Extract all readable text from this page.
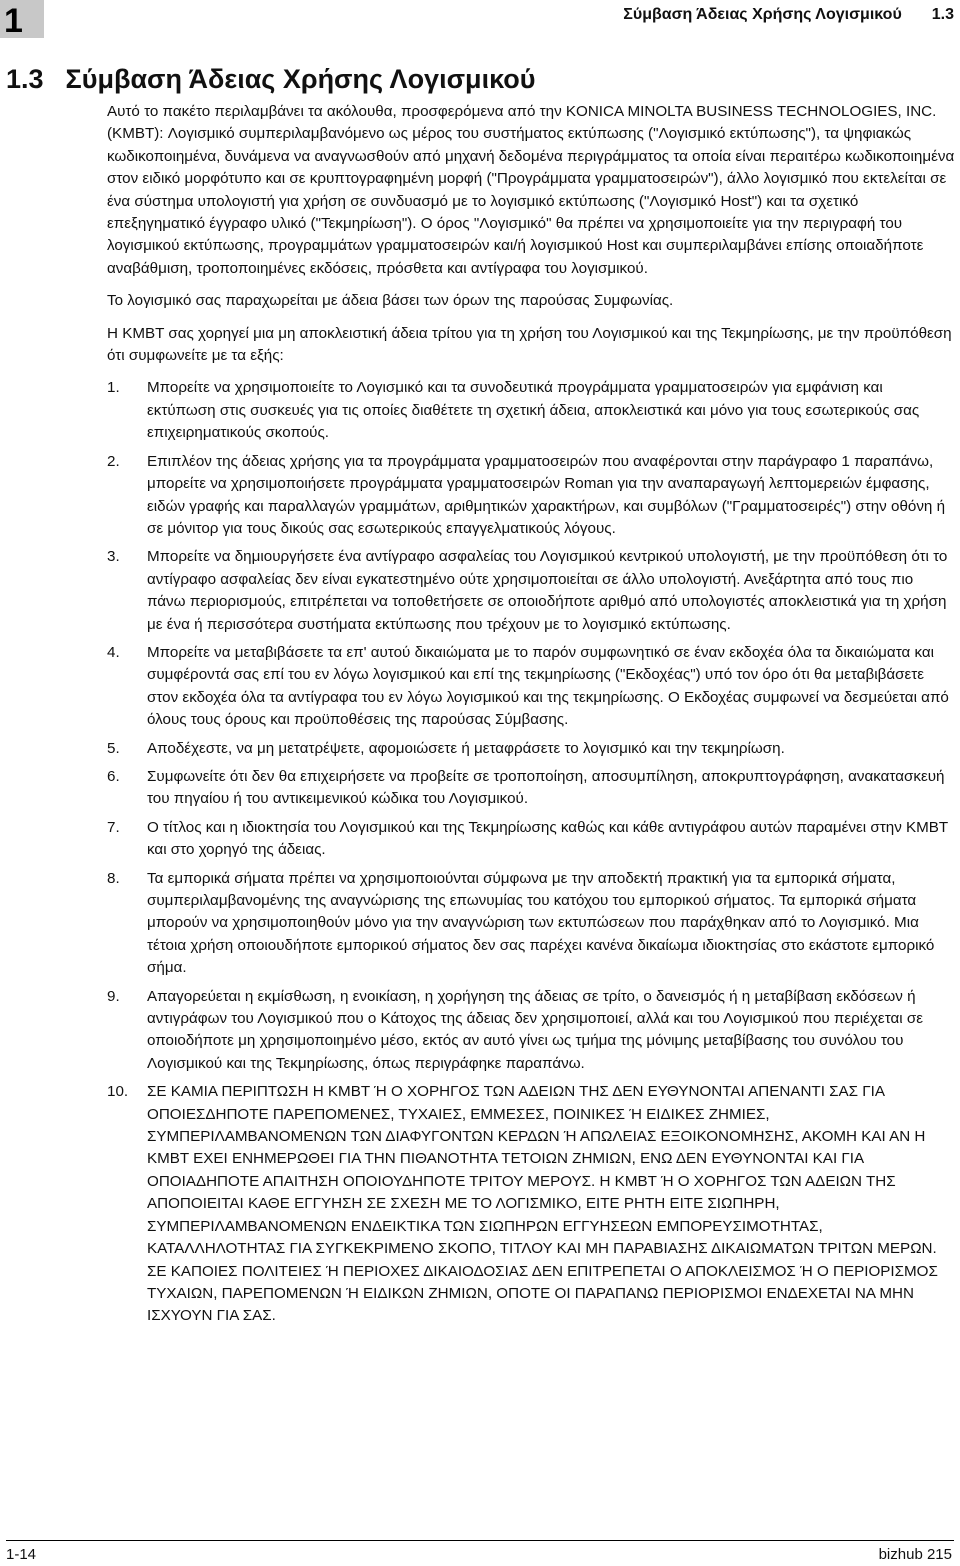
1	Σύμβαση Άδειας Χρήσης Λογισμικού 1.3
1.3 Σύμβαση Άδειας Χρήσης Λογισμικού

Αυτό το πακέτο περιλαμβάνει τα ακόλουθα, προσφερόμενα από την KONICA MINOLTA BUSINESS TECHNOLOGIES, INC. (KMBT): Λογισμικό συμπεριλαμβανόμενο ως μέρος του συστήματος εκτύπωσης ("Λογισμικό εκτύπωσης"), τα ψηφιακώς κωδικοποιημένα, δυνάμενα να αναγνωσθούν από μηχανή δεδομένα περιγράμματος τα οποία είναι περαιτέρω κωδικοποιημένα στον ειδικό μορφότυπο και σε κρυπτογραφημένη μορφή ("Προγράμματα γραμματοσειρών"), άλλο λογισμικό που εκτελείται σε ένα σύστημα υπολογιστή για χρήση σε συνδυασμό με το λογισμικό εκτύπωσης ("Λογισμικό Host") και τα σχετικό επεξηγηματικό έγγραφο υλικό ("Τεκμηρίωση"). Ο όρος "Λογισμικό" θα πρέπει να χρησιμοποιείτε για την περιγραφή του λογισμικού εκτύπωσης, προγραμμάτων γραμματοσειρών και/ή λογισμικού Host και συμπεριλαμβάνει επίσης οποιαδήποτε αναβάθμιση, τροποποιημένες εκδόσεις, πρόσθετα και αντίγραφα του λογισμικού.

Το λογισμικό σας παραχωρείται με άδεια βάσει των όρων της παρούσας Συμφωνίας.

Η KMBT σας χορηγεί μια μη αποκλειστική άδεια τρίτου για τη χρήση του Λογισμικού και της Τεκμηρίωσης, με την προϋπόθεση ότι συμφωνείτε με τα εξής:

1. Μπορείτε να χρησιμοποιείτε το Λογισμικό και τα συνοδευτικά προγράμματα γραμματοσειρών για εμφάνιση και εκτύπωση στις συσκευές για τις οποίες διαθέτετε τη σχετική άδεια, αποκλειστικά και μόνο για τους εσωτερικούς σας επιχειρηματικούς σκοπούς.
2. Επιπλέον της άδειας χρήσης για τα προγράμματα γραμματοσειρών που αναφέρονται στην παράγραφο 1 παραπάνω, μπορείτε να χρησιμοποιήσετε προγράμματα γραμματοσειρών Roman για την αναπαραγωγή λεπτομερειών έμφασης, ειδών γραφής και παραλλαγών γραμμάτων, αριθμητικών χαρακτήρων, και συμβόλων ("Γραμματοσειρές") στην οθόνη ή σε μόνιτορ για τους δικούς σας εσωτερικούς επαγγελματικούς λόγους.
3. Μπορείτε να δημιουργήσετε ένα αντίγραφο ασφαλείας του Λογισμικού κεντρικού υπολογιστή, με την προϋπόθεση ότι το αντίγραφο ασφαλείας δεν είναι εγκατεστημένο ούτε χρησιμοποιείται σε άλλο υπολογιστή. Ανεξάρτητα από τους πιο πάνω περιορισμούς, επιτρέπεται να τοποθετήσετε σε οποιοδήποτε αριθμό από υπολογιστές αποκλειστικά για τη χρήση με ένα ή περισσότερα συστήματα εκτύπωσης που τρέχουν με το λογισμικό εκτύπωσης.
4. Μπορείτε να μεταβιβάσετε τα επ' αυτού δικαιώματα με το παρόν συμφωνητικό σε έναν εκδοχέα όλα τα δικαιώματα και συμφέροντά σας επί του εν λόγω λογισμικού και επί της τεκμηρίωσης ("Εκδοχέας") υπό τον όρο ότι θα μεταβιβάσετε στον εκδοχέα όλα τα αντίγραφα του εν λόγω λογισμικού και της τεκμηρίωσης. Ο Εκδοχέας συμφωνεί να δεσμεύεται από όλους τους όρους και προϋποθέσεις της παρούσας Σύμβασης.
5. Αποδέχεστε, να μη μετατρέψετε, αφομοιώσετε ή μεταφράσετε το λογισμικό και την τεκμηρίωση.
6. Συμφωνείτε ότι δεν θα επιχειρήσετε να προβείτε σε τροποποίηση, αποσυμπίληση, αποκρυπτογράφηση, ανακατασκευή του πηγαίου ή του αντικειμενικού κώδικα του Λογισμικού.
7. Ο τίτλος και η ιδιοκτησία του Λογισμικού και της Τεκμηρίωσης καθώς και κάθε αντιγράφου αυτών παραμένει στην KMBT και στο χορηγό της άδειας.
8. Τα εμπορικά σήματα πρέπει να χρησιμοποιούνται σύμφωνα με την αποδεκτή πρακτική για τα εμπορικά σήματα, συμπεριλαμβανομένης της αναγνώρισης της επωνυμίας του κατόχου του εμπορικού σήματος. Τα εμπορικά σήματα μπορούν να χρησιμοποιηθούν μόνο για την αναγνώριση των εκτυπώσεων που παράχθηκαν από το Λογισμικό. Μια τέτοια χρήση οποιουδήποτε εμπορικού σήματος δεν σας παρέχει κανένα δικαίωμα ιδιοκτησίας στο εκάστοτε εμπορικό σήμα.
9. Απαγορεύεται η εκμίσθωση, η ενοικίαση, η χορήγηση της άδειας σε τρίτο, ο δανεισμός ή η μεταβίβαση εκδόσεων ή αντιγράφων του Λογισμικού που ο Κάτοχος της άδειας δεν χρησιμοποιεί, αλλά και του Λογισμικού που περιέχεται σε οποιοδήποτε μη χρησιμοποιημένο μέσο, εκτός αν αυτό γίνει ως τμήμα της μόνιμης μεταβίβασης του συνόλου του Λογισμικού και της Τεκμηρίωσης, όπως περιγράφηκε παραπάνω.
10. ΣΕ ΚΑΜΙΑ ΠΕΡΙΠΤΩΣΗ Η KMBT Ή Ο ΧΟΡΗΓΟΣ ΤΩΝ ΑΔΕΙΩΝ ΤΗΣ ΔΕΝ ΕΥΘΥΝΟΝΤΑΙ ΑΠΕΝΑΝΤΙ ΣΑΣ ΓΙΑ ΟΠΟΙΕΣΔΗΠΟΤΕ ΠΑΡΕΠΟΜΕΝΕΣ, ΤΥΧΑΙΕΣ, ΕΜΜΕΣΕΣ, ΠΟΙΝΙΚΕΣ Ή ΕΙΔΙΚΕΣ ΖΗΜΙΕΣ, ΣΥΜΠΕΡΙΛΑΜΒΑΝΟΜΕΝΩΝ ΤΩΝ ΔΙΑΦΥΓΟΝΤΩΝ ΚΕΡΔΩΝ Ή ΑΠΩΛΕΙΑΣ ΕΞΟΙΚΟΝΟΜΗΣΗΣ, ΑΚΟΜΗ ΚΑΙ ΑΝ Η KMBT ΕΧΕΙ ΕΝΗΜΕΡΩΘΕΙ ΓΙΑ ΤΗΝ ΠΙΘΑΝΟΤΗΤΑ ΤΕΤΟΙΩΝ ΖΗΜΙΩΝ, ΕΝΩ ΔΕΝ ΕΥΘΥΝΟΝΤΑΙ ΚΑΙ ΓΙΑ ΟΠΟΙΑΔΗΠΟΤΕ ΑΠΑΙΤΗΣΗ ΟΠΟΙΟΥΔΗΠΟΤΕ ΤΡΙΤΟΥ ΜΕΡΟΥΣ. Η KMBT Ή Ο ΧΟΡΗΓΟΣ ΤΩΝ ΑΔΕΙΩΝ ΤΗΣ ΑΠΟΠΟΙΕΙΤΑΙ ΚΑΘΕ ΕΓΓΥΗΣΗ ΣΕ ΣΧΕΣΗ ΜΕ ΤΟ ΛΟΓΙΣΜΙΚΟ, ΕΙΤΕ ΡΗΤΗ ΕΙΤΕ ΣΙΩΠΗΡΗ, ΣΥΜΠΕΡΙΛΑΜΒΑΝΟΜΕΝΩΝ ΕΝΔΕΙΚΤΙΚΑ ΤΩΝ ΣΙΩΠΗΡΩΝ ΕΓΓΥΗΣΕΩΝ ΕΜΠΟΡΕΥΣΙΜΟΤΗΤΑΣ, ΚΑΤΑΛΛΗΛΟΤΗΤΑΣ ΓΙΑ ΣΥΓΚΕΚΡΙΜΕΝΟ ΣΚΟΠΟ, ΤΙΤΛΟΥ ΚΑΙ ΜΗ ΠΑΡΑΒΙΑΣΗΣ ΔΙΚΑΙΩΜΑΤΩΝ ΤΡΙΤΩΝ ΜΕΡΩΝ. ΣΕ ΚΑΠΟΙΕΣ ΠΟΛΙΤΕΙΕΣ Ή ΠΕΡΙΟΧΕΣ ΔΙΚΑΙΟΔΟΣΙΑΣ ΔΕΝ ΕΠΙΤΡΕΠΕΤΑΙ Ο ΑΠΟΚΛΕΙΣΜΟΣ Ή Ο ΠΕΡΙΟΡΙΣΜΟΣ ΤΥΧΑΙΩΝ, ΠΑΡΕΠΟΜΕΝΩΝ Ή ΕΙΔΙΚΩΝ ΖΗΜΙΩΝ, ΟΠΟΤΕ ΟΙ ΠΑΡΑΠΑΝΩ ΠΕΡΙΟΡΙΣΜΟΙ ΕΝΔΕΧΕΤΑΙ ΝΑ ΜΗΝ ΙΣΧΥΟΥΝ ΓΙΑ ΣΑΣ.
1-14	bizhub 215
